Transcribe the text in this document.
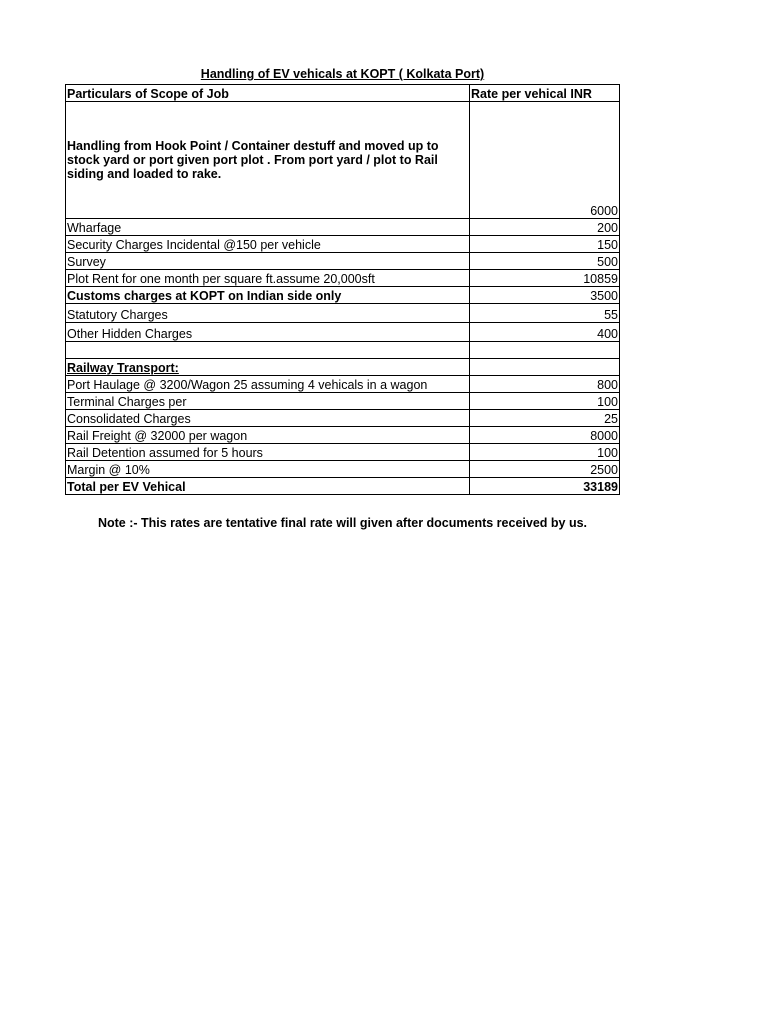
Handling of EV vehicals at KOPT ( Kolkata Port)
Particulars of Scope of Job	Rate per vehical INR
Handling from Hook Point / Container destuff and moved up to stock yard or port given port plot . From port yard / plot to Rail siding and loaded to rake.	6000
Wharfage	200
Security Charges Incidental @150 per vehicle	150
Survey	500
Plot Rent for one month per square ft.assume 20,000sft	10859
Customs charges at KOPT on Indian side only	3500
Statutory Charges	55
Other Hidden Charges	400

Railway Transport:	
Port Haulage @ 3200/Wagon 25 assuming 4 vehicals in a wagon	800
Terminal Charges per	100
Consolidated Charges	25
Rail Freight @ 32000 per wagon	8000
Rail Detention assumed for 5 hours	100
Margin @ 10%	2500
Total per EV Vehical	33189
Note :- This rates are tentative final rate will given after documents received by us.
